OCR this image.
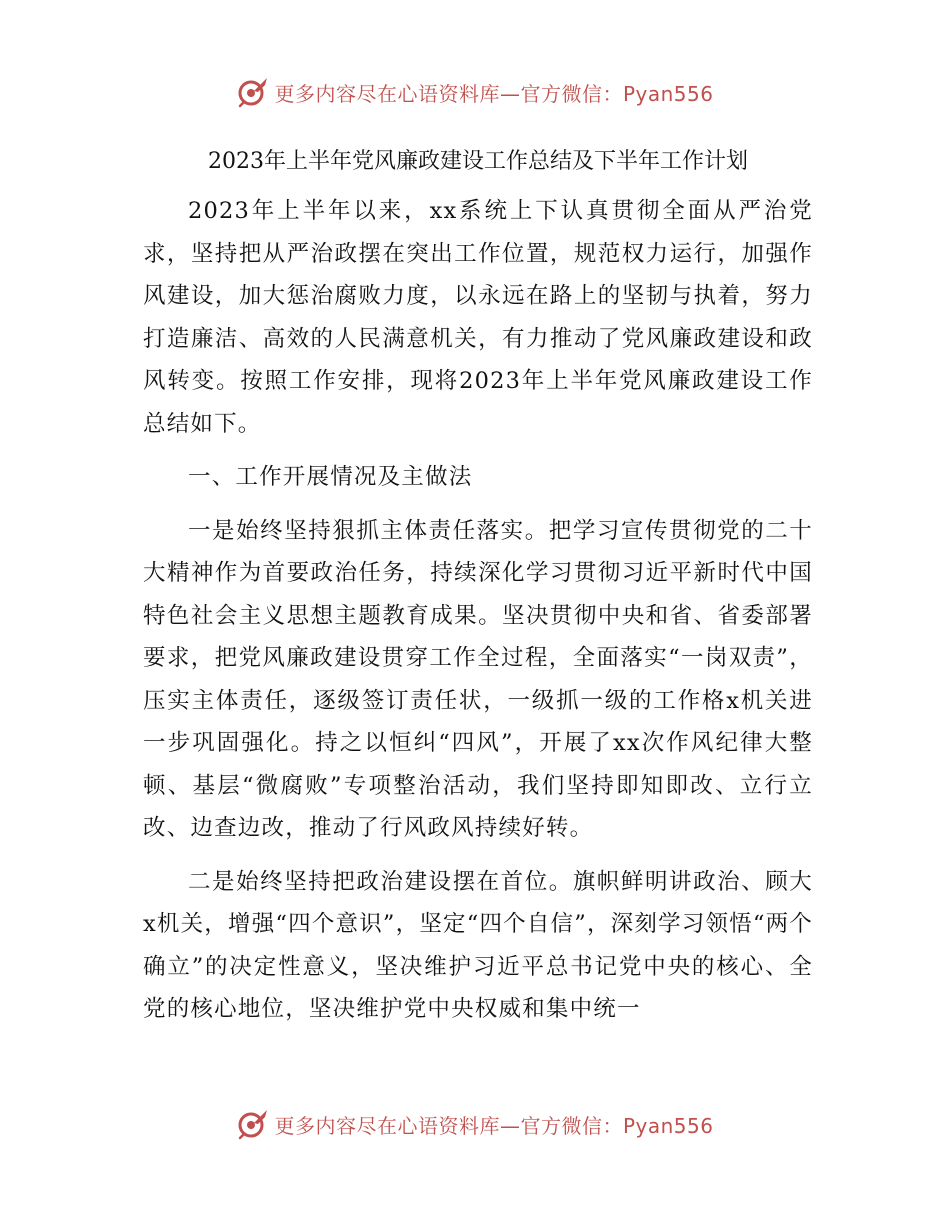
更多内容尽在心语资料库—官方微信：Pyan556
2023年上半年党风廉政建设工作总结及下半年工作计划

2023年上半年以来，xx系统上下认真贯彻全面从严治党求，坚持把从严治政摆在突出工作位置，规范权力运行，加强作风建设，加大惩治腐败力度，以永远在路上的坚韧与执着，努力打造廉洁、高效的人民满意机关，有力推动了党风廉政建设和政风转变。按照工作安排，现将2023年上半年党风廉政建设工作总结如下。

一、工作开展情况及主做法

一是始终坚持狠抓主体责任落实。把学习宣传贯彻党的二十大精神作为首要政治任务，持续深化学习贯彻习近平新时代中国特色社会主义思想主题教育成果。坚决贯彻中央和省、省委部署要求，把党风廉政建设贯穿工作全过程，全面落实“一岗双责”，压实主体责任，逐级签订责任状，一级抓一级的工作格x机关进一步巩固强化。持之以恒纠“四风”，开展了xx次作风纪律大整顿、基层“微腐败”专项整治活动，我们坚持即知即改、立行立改、边查边改，推动了行风政风持续好转。

二是始终坚持把政治建设摆在首位。旗帜鲜明讲政治、顾大x机关，增强“四个意识”，坚定“四个自信”，深刻学习领悟“两个确立”的决定性意义，坚决维护习近平总书记党中央的核心、全党的核心地位，坚决维护党中央权威和集中统一

更多内容尽在心语资料库—官方微信：Pyan556
